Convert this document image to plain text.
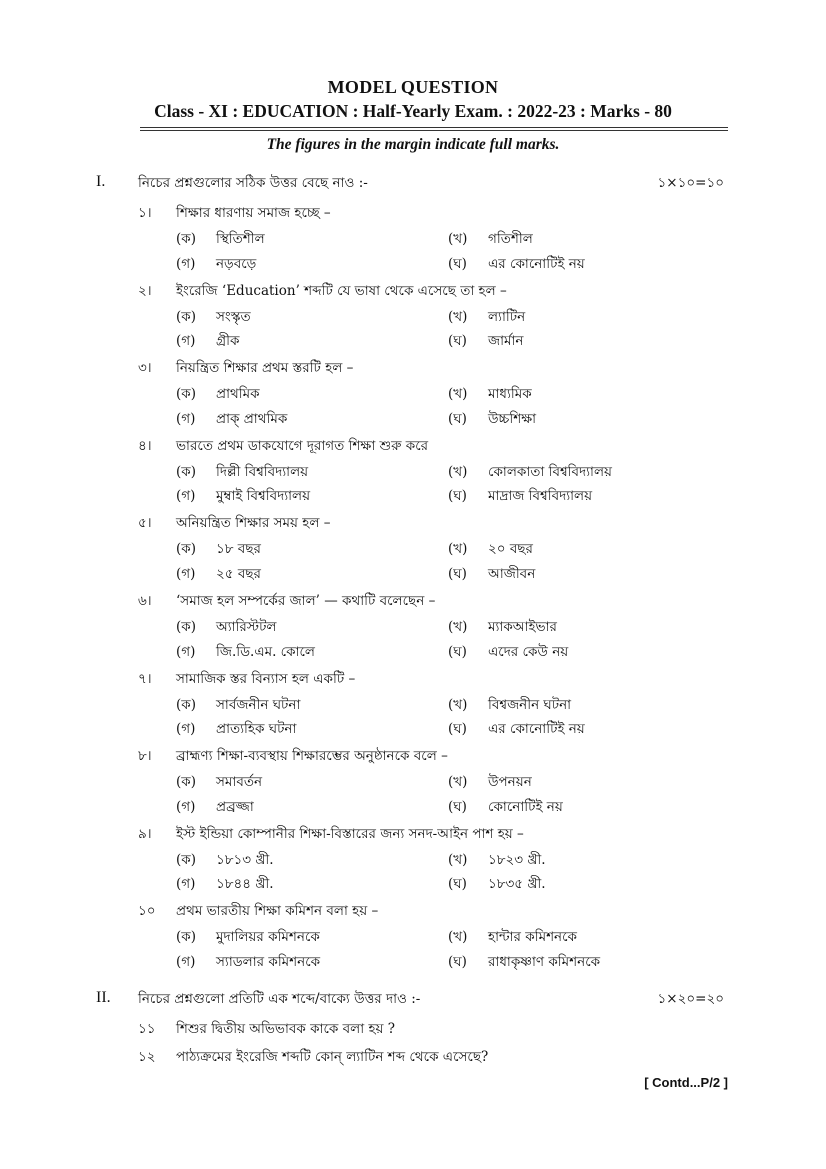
MODEL QUESTION
Class - XI : EDUCATION : Half-Yearly Exam. : 2022-23 : Marks - 80
The figures in the margin indicate full marks.
I. নিচের প্রশ্নগুলোর সঠিক উত্তর বেছে নাও :-	১×১০=১০
১। শিক্ষার ধারণায় সমাজ হচ্ছে –
(ক) স্থিতিশীল	(খ) গতিশীল
(গ) নড়বড়ে	(ঘ) এর কোনোটিই নয়
২। ইংরেজি ‘Education’ শব্দটি যে ভাষা থেকে এসেছে তা হল –
(ক) সংস্কৃত	(খ) ল্যাটিন
(গ) গ্রীক	(ঘ) জার্মান
৩। নিয়ন্ত্রিত শিক্ষার প্রথম স্তরটি হল –
(ক) প্রাথমিক	(খ) মাধ্যমিক
(গ) প্রাক্ প্রাথমিক	(ঘ) উচ্চশিক্ষা
৪। ভারতে প্রথম ডাকযোগে দূরাগত শিক্ষা শুরু করে
(ক) দিল্লী বিশ্ববিদ্যালয়	(খ) কোলকাতা বিশ্ববিদ্যালয়
(গ) মুম্বাই বিশ্ববিদ্যালয়	(ঘ) মাদ্রাজ বিশ্ববিদ্যালয়
৫। অনিয়ন্ত্রিত শিক্ষার সময় হল –
(ক) ১৮ বছর	(খ) ২০ বছর
(গ) ২৫ বছর	(ঘ) আজীবন
৬। ‘সমাজ হল সম্পর্কের জাল’ — কথাটি বলেছেন –
(ক) অ্যারিস্টটল	(খ) ম্যাকআইভার
(গ) জি.ডি.এম. কোলে	(ঘ) এদের কেউ নয়
৭। সামাজিক স্তর বিন্যাস হল একটি –
(ক) সার্বজনীন ঘটনা	(খ) বিশ্বজনীন ঘটনা
(গ) প্রাত্যহিক ঘটনা	(ঘ) এর কোনোটিই নয়
৮। ব্রাহ্মণ্য শিক্ষা-ব্যবস্থায় শিক্ষারম্ভের অনুষ্ঠানকে বলে –
(ক) সমাবর্তন	(খ) উপনয়ন
(গ) প্রব্রজ্জা	(ঘ) কোনোটিই নয়
৯। ইস্ট ইন্ডিয়া কোম্পানীর শিক্ষা-বিস্তারের জন্য সনদ-আইন পাশ হয় –
(ক) ১৮১৩ খ্রী.	(খ) ১৮২৩ খ্রী.
(গ) ১৮৪৪ খ্রী.	(ঘ) ১৮৩৫ খ্রী.
১০ প্রথম ভারতীয় শিক্ষা কমিশন বলা হয় –
(ক) মুদালিয়র কমিশনকে	(খ) হান্টার কমিশনকে
(গ) স্যাডলার কমিশনকে	(ঘ) রাধাকৃষ্ণাণ কমিশনকে
II. নিচের প্রশ্নগুলো প্রতিটি এক শব্দে/বাক্যে উত্তর দাও :-	১×২০=২০
১১ শিশুর দ্বিতীয় অভিভাবক কাকে বলা হয় ?
১২ পাঠ্যক্রমের ইংরেজি শব্দটি কোন্ ল্যাটিন শব্দ থেকে এসেছে?
[ Contd...P/2 ]
